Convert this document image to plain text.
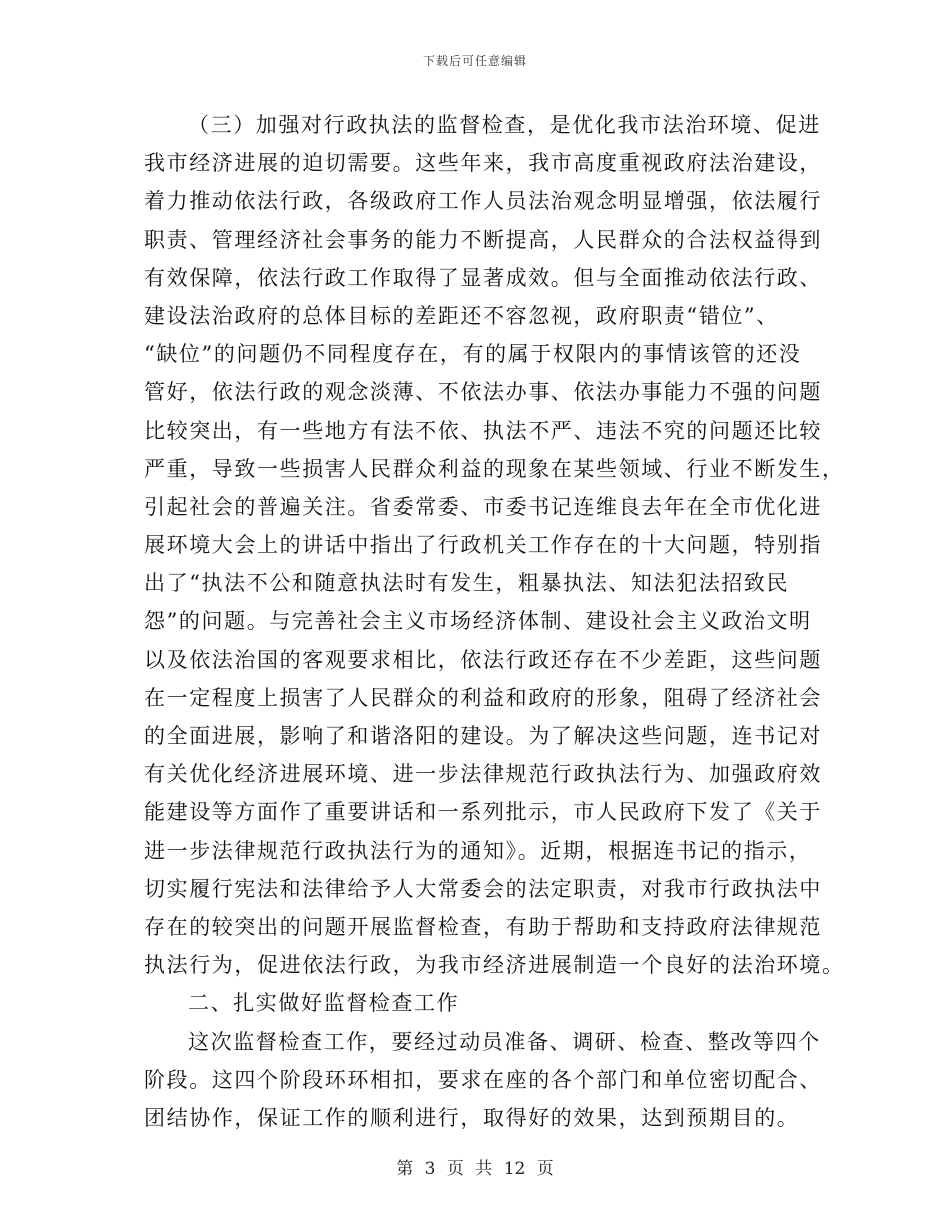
下载后可任意编辑
（三）加强对行政执法的监督检查，是优化我市法治环境、促进
我市经济进展的迫切需要。这些年来，我市高度重视政府法治建设，
着力推动依法行政，各级政府工作人员法治观念明显增强，依法履行
职责、管理经济社会事务的能力不断提高，人民群众的合法权益得到
有效保障，依法行政工作取得了显著成效。但与全面推动依法行政、
建设法治政府的总体目标的差距还不容忽视，政府职责“错位”、
“缺位”的问题仍不同程度存在，有的属于权限内的事情该管的还没
管好，依法行政的观念淡薄、不依法办事、依法办事能力不强的问题
比较突出，有一些地方有法不依、执法不严、违法不究的问题还比较
严重，导致一些损害人民群众利益的现象在某些领域、行业不断发生，
引起社会的普遍关注。省委常委、市委书记连维良去年在全市优化进
展环境大会上的讲话中指出了行政机关工作存在的十大问题，特别指
出了“执法不公和随意执法时有发生，粗暴执法、知法犯法招致民
怨”的问题。与完善社会主义市场经济体制、建设社会主义政治文明
以及依法治国的客观要求相比，依法行政还存在不少差距，这些问题
在一定程度上损害了人民群众的利益和政府的形象，阻碍了经济社会
的全面进展，影响了和谐洛阳的建设。为了解决这些问题，连书记对
有关优化经济进展环境、进一步法律规范行政执法行为、加强政府效
能建设等方面作了重要讲话和一系列批示，市人民政府下发了《关于
进一步法律规范行政执法行为的通知》。近期，根据连书记的指示，
切实履行宪法和法律给予人大常委会的法定职责，对我市行政执法中
存在的较突出的问题开展监督检查，有助于帮助和支持政府法律规范
执法行为，促进依法行政，为我市经济进展制造一个良好的法治环境。
二、扎实做好监督检查工作
这次监督检查工作，要经过动员准备、调研、检查、整改等四个
阶段。这四个阶段环环相扣，要求在座的各个部门和单位密切配合、
团结协作，保证工作的顺利进行，取得好的效果，达到预期目的。
第 3 页 共 12 页
